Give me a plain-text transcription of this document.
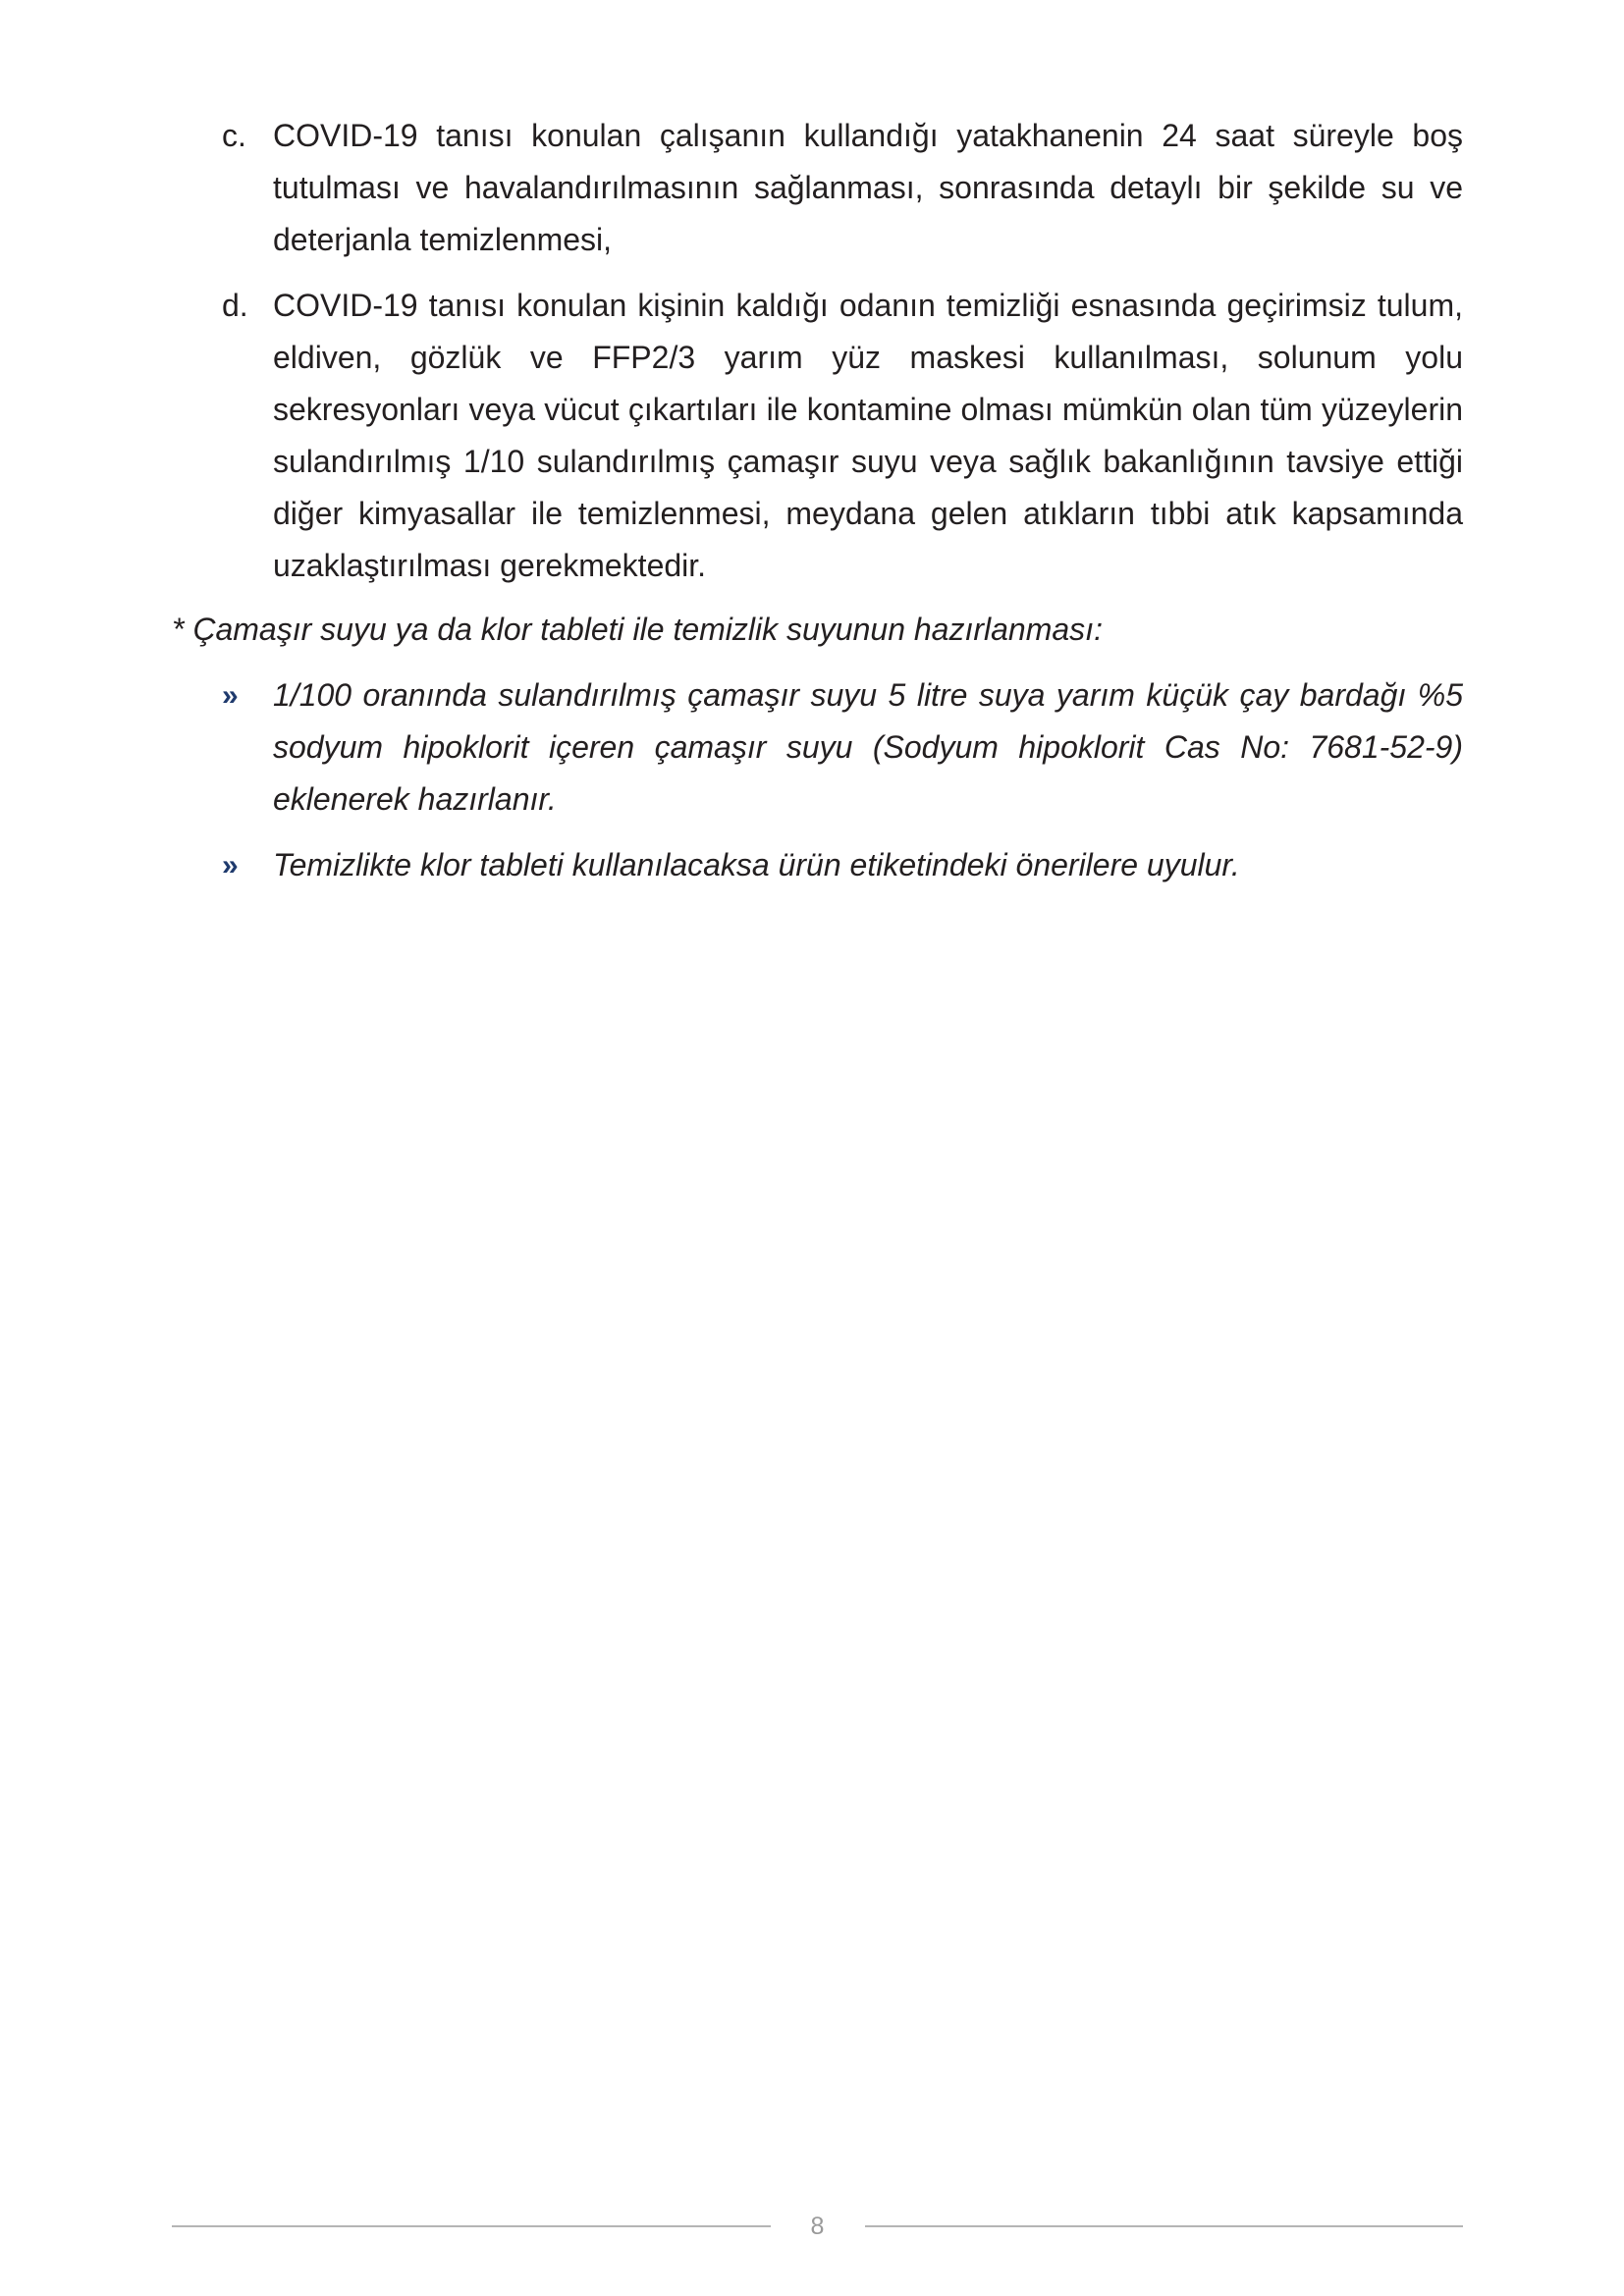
c. COVID-19 tanısı konulan çalışanın kullandığı yatakhanenin 24 saat süreyle boş tutulması ve havalandırılmasının sağlanması, sonrasında detaylı bir şekilde su ve deterjanla temizlenmesi,
d. COVID-19 tanısı konulan kişinin kaldığı odanın temizliği esnasında geçirimsiz tulum, eldiven, gözlük ve FFP2/3 yarım yüz maskesi kullanılması, solunum yolu sekresyonları veya vücut çıkartıları ile kontamine olması mümkün olan tüm yüzeylerin sulandırılmış 1/10 sulandırılmış çamaşır suyu veya sağlık bakanlığının tavsiye ettiği diğer kimyasallar ile temizlenmesi, meydana gelen atıkların tıbbi atık kapsamında uzaklaştırılması gerekmektedir.
* Çamaşır suyu ya da klor tableti ile temizlik suyunun hazırlanması:
»	1/100 oranında sulandırılmış çamaşır suyu 5 litre suya yarım küçük çay bardağı %5 sodyum hipoklorit içeren çamaşır suyu (Sodyum hipoklorit Cas No: 7681-52-9) eklenerek hazırlanır.
»	Temizlikte klor tableti kullanılacaksa ürün etiketindeki önerilere uyulur.
8
